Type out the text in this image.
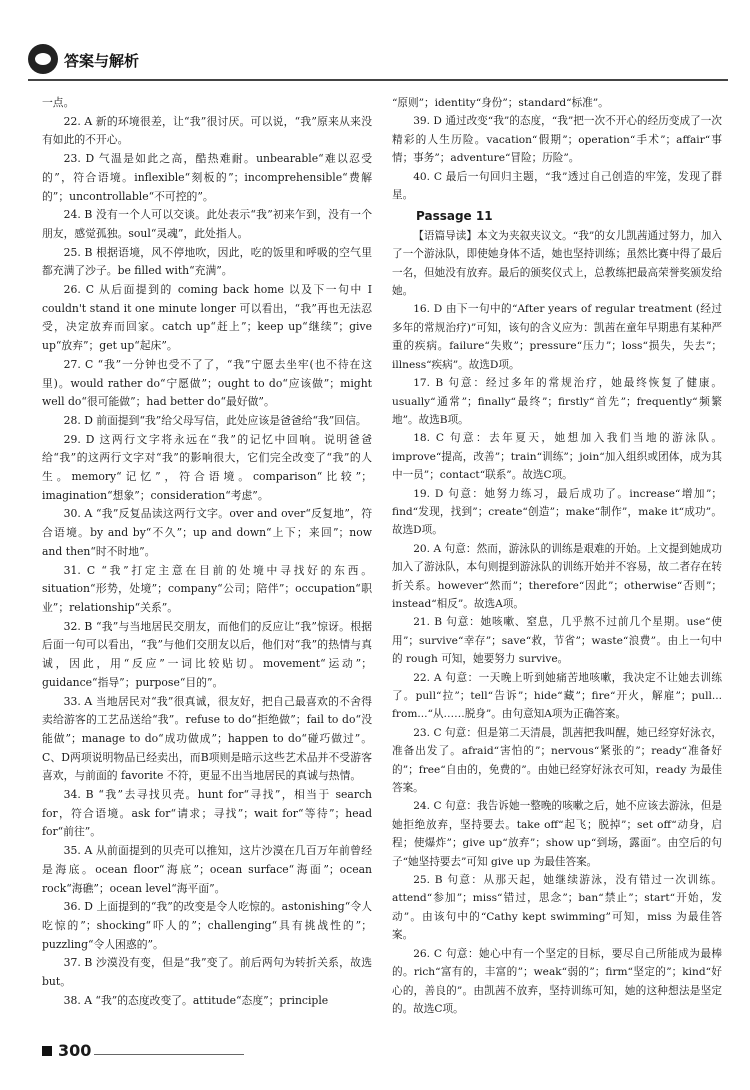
答案与解析

一点。

22. A 新的环境很差，让“我”很讨厌。可以说，“我”原来从来没有如此的不开心。

23. D 气温是如此之高，酷热难耐。unbearable“难以忍受的”，符合语境。inflexible“刻板的”；incomprehensible“费解的”；uncontrollable“不可控的”。

24. B 没有一个人可以交谈。此处表示“我”初来乍到，没有一个朋友，感觉孤独。soul“灵魂”，此处指人。

25. B 根据语境，风不停地吹，因此，吃的饭里和呼吸的空气里都充满了沙子。be filled with“充满”。

26. C 从后面提到的 coming back home 以及下一句中 I couldn't stand it one minute longer 可以看出，“我”再也无法忍受，决定放弃而回家。catch up“赶上”；keep up“继续”；give up“放弃”；get up“起床”。

27. C “我”一分钟也受不了了，“我”宁愿去坐牢(也不待在这里)。would rather do“宁愿做”；ought to do“应该做”；might well do“很可能做”；had better do“最好做”。

28. D 前面提到“我”给父母写信，此处应该是爸爸给“我”回信。

29. D 这两行文字将永远在“我”的记忆中回响。说明爸爸给“我”的这两行文字对“我”的影响很大，它们完全改变了“我”的人生。memory“记忆”，符合语境。comparison“比较”；imagination“想象”；consideration“考虑”。

30. A “我”反复品读这两行文字。over and over“反复地”，符合语境。by and by“不久”；up and down“上下；来回”；now and then“时不时地”。

31. C “我”打定主意在目前的处境中寻找好的东西。situation“形势，处境”；company“公司；陪伴”；occupation“职业”；relationship“关系”。

32. B “我”与当地居民交朋友，而他们的反应让“我”惊讶。根据后面一句可以看出，“我”与他们交朋友以后，他们对“我”的热情与真诚，因此，用“反应”一词比较贴切。movement“运动”；guidance“指导”；purpose“目的”。

33. A 当地居民对“我”很真诚，很友好，把自己最喜欢的不舍得卖给游客的工艺品送给“我”。refuse to do“拒绝做”；fail to do“没能做”；manage to do“成功做成”；happen to do“碰巧做过”。C、D两项说明物品已经卖出，而B项则是暗示这些艺术品并不受游客喜欢，与前面的 favorite 不符，更显不出当地居民的真诚与热情。

34. B “我”去寻找贝壳。hunt for“寻找”，相当于 search for，符合语境。ask for“请求；寻找”；wait for“等待”；head for“前往”。

35. A 从前面提到的贝壳可以推知，这片沙漠在几百万年前曾经是海底。ocean floor“海底”；ocean surface“海面”；ocean rock“海礁”；ocean level“海平面”。

36. D 上面提到的“我”的改变是令人吃惊的。astonishing“令人吃惊的”；shocking“吓人的”；challenging“具有挑战性的”；puzzling“令人困惑的”。

37. B 沙漠没有变，但是“我”变了。前后两句为转折关系，故选 but。

38. A “我”的态度改变了。attitude“态度”；principle

“原则”；identity“身份”；standard“标准”。

39. D 通过改变“我”的态度，“我”把一次不开心的经历变成了一次精彩的人生历险。vacation“假期”；operation“手术”；affair“事情；事务”；adventure“冒险；历险”。

40. C 最后一句回归主题，“我”透过自己创造的牢笼，发现了群星。

Passage 11

【语篇导读】本文为夹叙夹议文。“我”的女儿凯茜通过努力，加入了一个游泳队，即使她身体不适，她也坚持训练；虽然比赛中得了最后一名，但她没有放弃。最后的颁奖仪式上，总教练把最高荣誉奖颁发给她。

16. D 由下一句中的“After years of regular treatment (经过多年的常规治疗)”可知，该句的含义应为：凯茜在童年早期患有某种严重的疾病。failure“失败”；pressure“压力”；loss“损失，失去”；illness“疾病”。故选D项。

17. B 句意：经过多年的常规治疗，她最终恢复了健康。usually“通常”；finally“最终”；firstly“首先”；frequently“频繁地”。故选B项。

18. C 句意：去年夏天，她想加入我们当地的游泳队。improve“提高，改善”；train“训练”；join“加入组织或团体，成为其中一员”；contact“联系”。故选C项。

19. D 句意：她努力练习，最后成功了。increase“增加”；find“发现，找到”；create“创造”；make“制作”，make it“成功”。故选D项。

20. A 句意：然而，游泳队的训练是艰难的开始。上文提到她成功加入了游泳队，本句则提到游泳队的训练开始并不容易，故二者存在转折关系。however“然而”；therefore“因此”；otherwise“否则”；instead“相反”。故选A项。

21. B 句意：她咳嗽、窒息，几乎熬不过前几个星期。use“使用”；survive“幸存”；save“救，节省”；waste“浪费”。由上一句中的 rough 可知，她要努力 survive。

22. A 句意：一天晚上听到她痛苦地咳嗽，我决定不让她去训练了。pull“拉”；tell“告诉”；hide“藏”；fire“开火，解雇”；pull... from...“从……脱身”。由句意知A项为正确答案。

23. C 句意：但是第二天清晨，凯茜把我叫醒，她已经穿好泳衣，准备出发了。afraid“害怕的”；nervous“紧张的”；ready“准备好的”；free“自由的，免费的”。由她已经穿好泳衣可知，ready 为最佳答案。

24. C 句意：我告诉她一整晚的咳嗽之后，她不应该去游泳，但是她拒绝放弃，坚持要去。take off“起飞；脱掉”；set off“动身，启程；使爆炸”；give up“放弃”；show up“到场，露面”。由空后的句子“她坚持要去”可知 give up 为最佳答案。

25. B 句意：从那天起，她继续游泳，没有错过一次训练。attend“参加”；miss“错过，思念”；ban“禁止”；start“开始，发动”。由该句中的“Cathy kept swimming”可知，miss 为最佳答案。

26. C 句意：她心中有一个坚定的目标，要尽自己所能成为最棒的。rich“富有的，丰富的”；weak“弱的”；firm“坚定的”；kind“好心的，善良的”。由凯茜不放弃，坚持训练可知，她的这种想法是坚定的。故选C项。

300
